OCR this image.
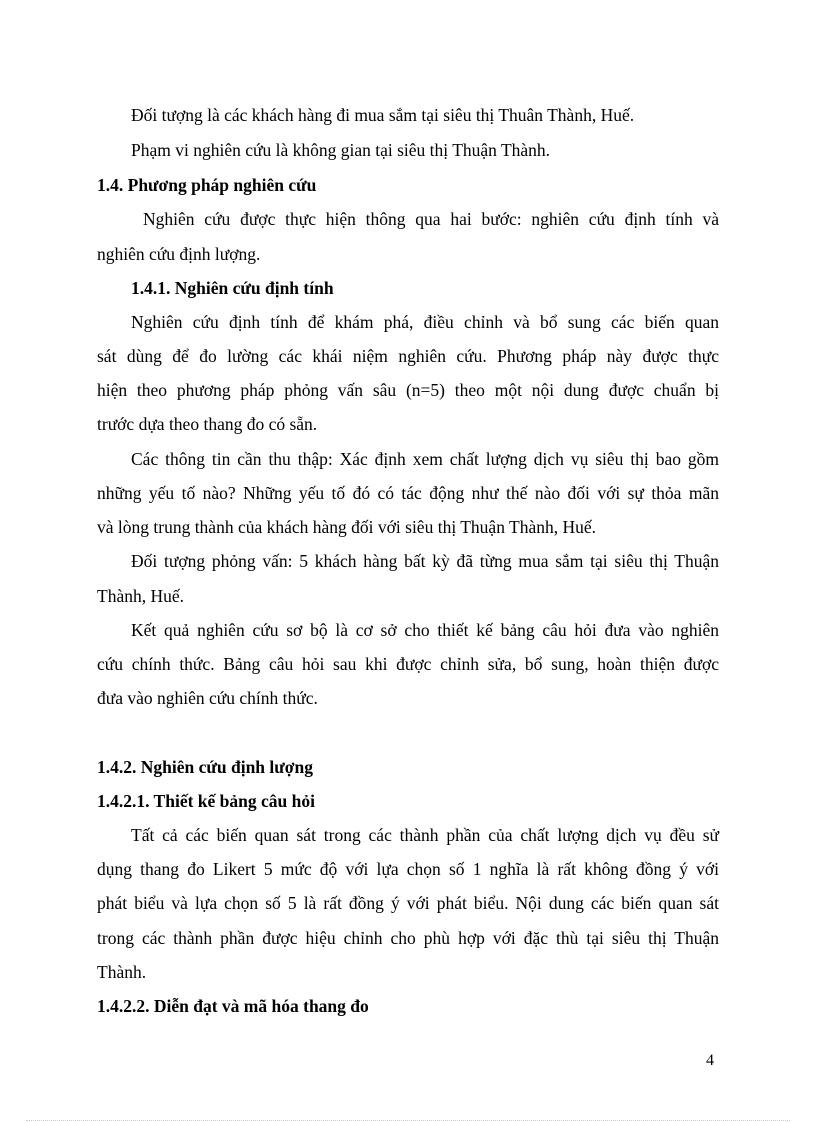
Đối tượng là các khách hàng đi mua sắm tại siêu thị Thuân Thành, Huế.
Phạm vi nghiên cứu là không gian tại siêu thị Thuận Thành.
1.4. Phương pháp nghiên cứu
Nghiên cứu được thực hiện thông qua hai bước: nghiên cứu định tính và
nghiên cứu định lượng.
1.4.1. Nghiên cứu định tính
Nghiên cứu định tính để khám phá, điều chỉnh và bổ sung các biến quan
sát dùng để đo lường các khái niệm nghiên cứu. Phương pháp này được thực
hiện theo phương pháp phỏng vấn sâu (n=5) theo một nội dung được chuẩn bị
trước dựa theo thang đo có sẵn.
Các thông tin cần thu thập: Xác định xem chất lượng dịch vụ siêu thị bao gồm
những yếu tố nào? Những yếu tố đó có tác động như thế nào đối với sự thỏa mãn
và lòng trung thành của khách hàng đối với siêu thị Thuận Thành, Huế.
Đối tượng phỏng vấn: 5 khách hàng bất kỳ đã từng mua sắm tại siêu thị Thuận
Thành, Huế.
Kết quả nghiên cứu sơ bộ là cơ sở cho thiết kế bảng câu hỏi đưa vào nghiên
cứu chính thức. Bảng câu hỏi sau khi được chỉnh sửa, bổ sung, hoàn thiện được
đưa vào nghiên cứu chính thức.
1.4.2. Nghiên cứu định lượng
1.4.2.1. Thiết kế bảng câu hỏi
Tất cả các biến quan sát trong các thành phần của chất lượng dịch vụ đều sử
dụng thang đo Likert 5 mức độ với lựa chọn số 1 nghĩa là rất không đồng ý với
phát biểu và lựa chọn số 5 là rất đồng ý với phát biểu. Nội dung các biến quan sát
trong các thành phần được hiệu chỉnh cho phù hợp với đặc thù tại siêu thị Thuận
Thành.
1.4.2.2. Diễn đạt và mã hóa thang đo
4
